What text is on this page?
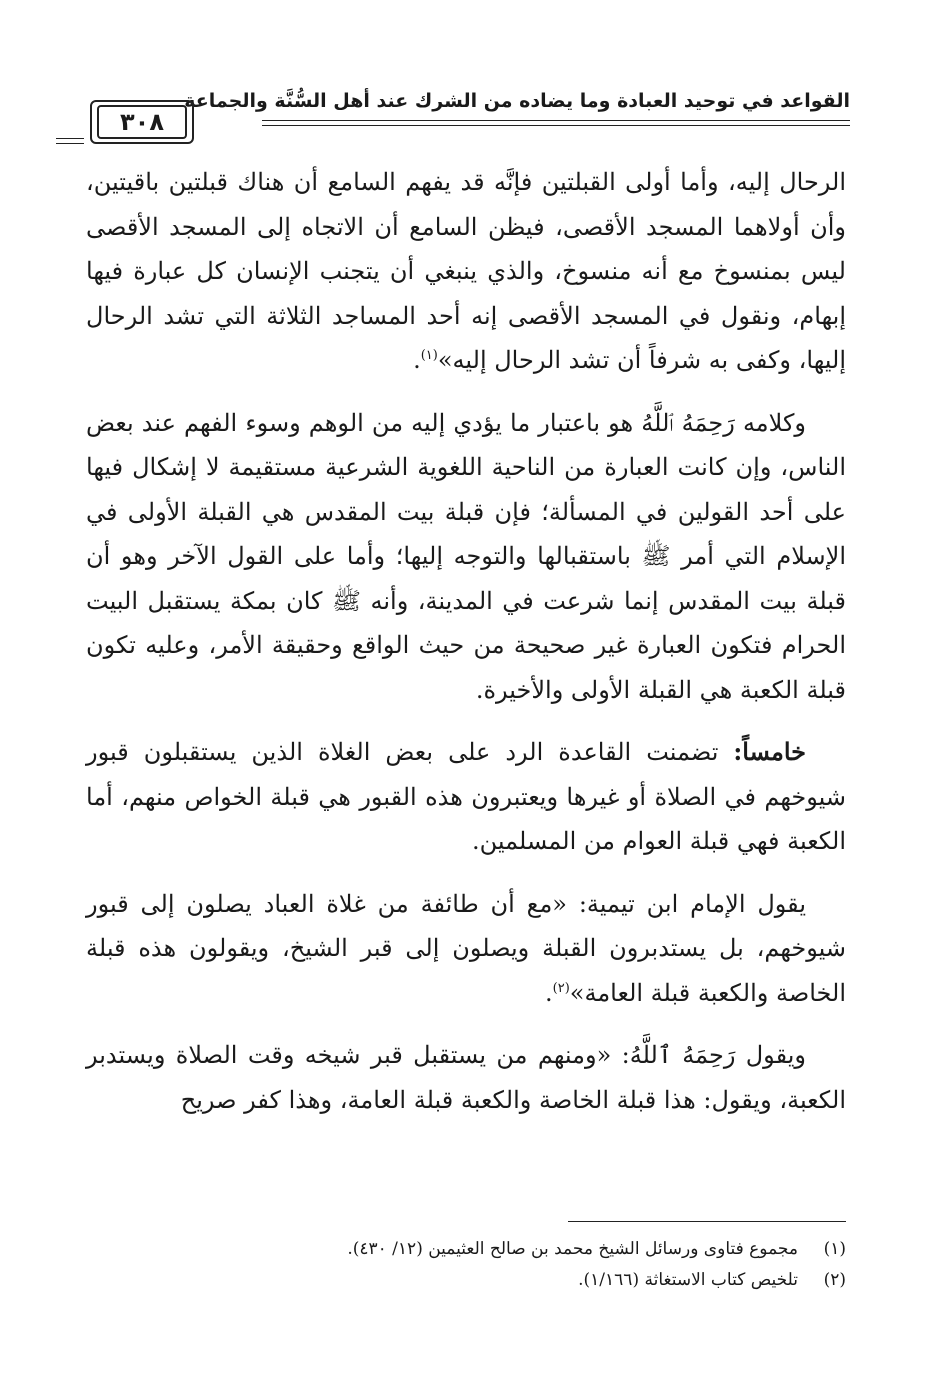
القواعد في توحيد العبادة وما يضاده من الشرك عند أهل السُّنَّة والجماعة
٣٠٨

الرحال إليه، وأما أولى القبلتين فإنَّه قد يفهم السامع أن هناك قبلتين باقيتين، وأن أولاهما المسجد الأقصى، فيظن السامع أن الاتجاه إلى المسجد الأقصى ليس بمنسوخ مع أنه منسوخ، والذي ينبغي أن يتجنب الإنسان كل عبارة فيها إبهام، ونقول في المسجد الأقصى إنه أحد المساجد الثلاثة التي تشد الرحال إليها، وكفى به شرفاً أن تشد الرحال إليه»$^{(١)}$.

وكلامه رَحِمَهُ ٱللَّهُ هو باعتبار ما يؤدي إليه من الوهم وسوء الفهم عند بعض الناس، وإن كانت العبارة من الناحية اللغوية الشرعية مستقيمة لا إشكال فيها على أحد القولين في المسألة؛ فإن قبلة بيت المقدس هي القبلة الأولى في الإسلام التي أمر ﷺ باستقبالها والتوجه إليها؛ وأما على القول الآخر وهو أن قبلة بيت المقدس إنما شرعت في المدينة، وأنه ﷺ كان بمكة يستقبل البيت الحرام فتكون العبارة غير صحيحة من حيث الواقع وحقيقة الأمر، وعليه تكون قبلة الكعبة هي القبلة الأولى والأخيرة.

خامساً: تضمنت القاعدة الرد على بعض الغلاة الذين يستقبلون قبور شيوخهم في الصلاة أو غيرها ويعتبرون هذه القبور هي قبلة الخواص منهم، أما الكعبة فهي قبلة العوام من المسلمين.

يقول الإمام ابن تيمية: «مع أن طائفة من غلاة العباد يصلون إلى قبور شيوخهم، بل يستدبرون القبلة ويصلون إلى قبر الشيخ، ويقولون هذه قبلة الخاصة والكعبة قبلة العامة»$^{(٢)}$.

ويقول رَحِمَهُ ٱللَّهُ: «ومنهم من يستقبل قبر شيخه وقت الصلاة ويستدبر الكعبة، ويقول: هذا قبلة الخاصة والكعبة قبلة العامة، وهذا كفر صريح

(١)
مجموع فتاوى ورسائل الشيخ محمد بن صالح العثيمين (١٢/ ٤٣٠).
(٢)
تلخيص كتاب الاستغاثة (١/١٦٦).
